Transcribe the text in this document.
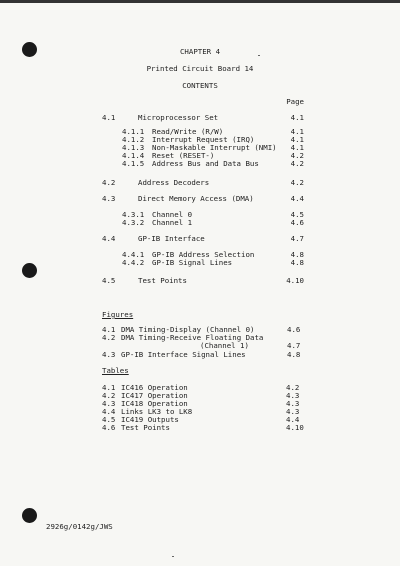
CHAPTER 4
Printed Circuit Board 14
CONTENTS
Page
4.1	Microprocessor Set	4.1
4.1.1 Read/Write (R/W)	4.1
4.1.2 Interrupt Request (IRQ)	4.1
4.1.3 Non-Maskable Interrupt (NMI) 4.1
4.1.4 Reset (RESET-)	4.2
4.1.5 Address Bus and Data Bus	4.2
4.2	Address Decoders	4.2
4.3	Direct Memory Access (DMA)	4.4
4.3.1 Channel 0	4.5
4.3.2 Channel 1	4.6
4.4	GP-IB Interface	4.7
4.4.1 GP-IB Address Selection	4.8
4.4.2 GP-IB Signal Lines	4.8
4.5	Test Points	4.10
Figures
4.1 DMA Timing-Display (Channel 0)	4.6
4.2 DMA Timing-Receive Floating Data
(Channel 1)	4.7
4.3 GP-IB Interface Signal Lines	4.8
Tables
4.1 IC416 Operation	4.2
4.2 IC417 Operation	4.3
4.3 IC418 Operation	4.3
4.4 Links LK3 to LK8	4.3
4.5 IC419 Outputs	4.4
4.6 Test Points	4.10
2926g/0142g/JWS
